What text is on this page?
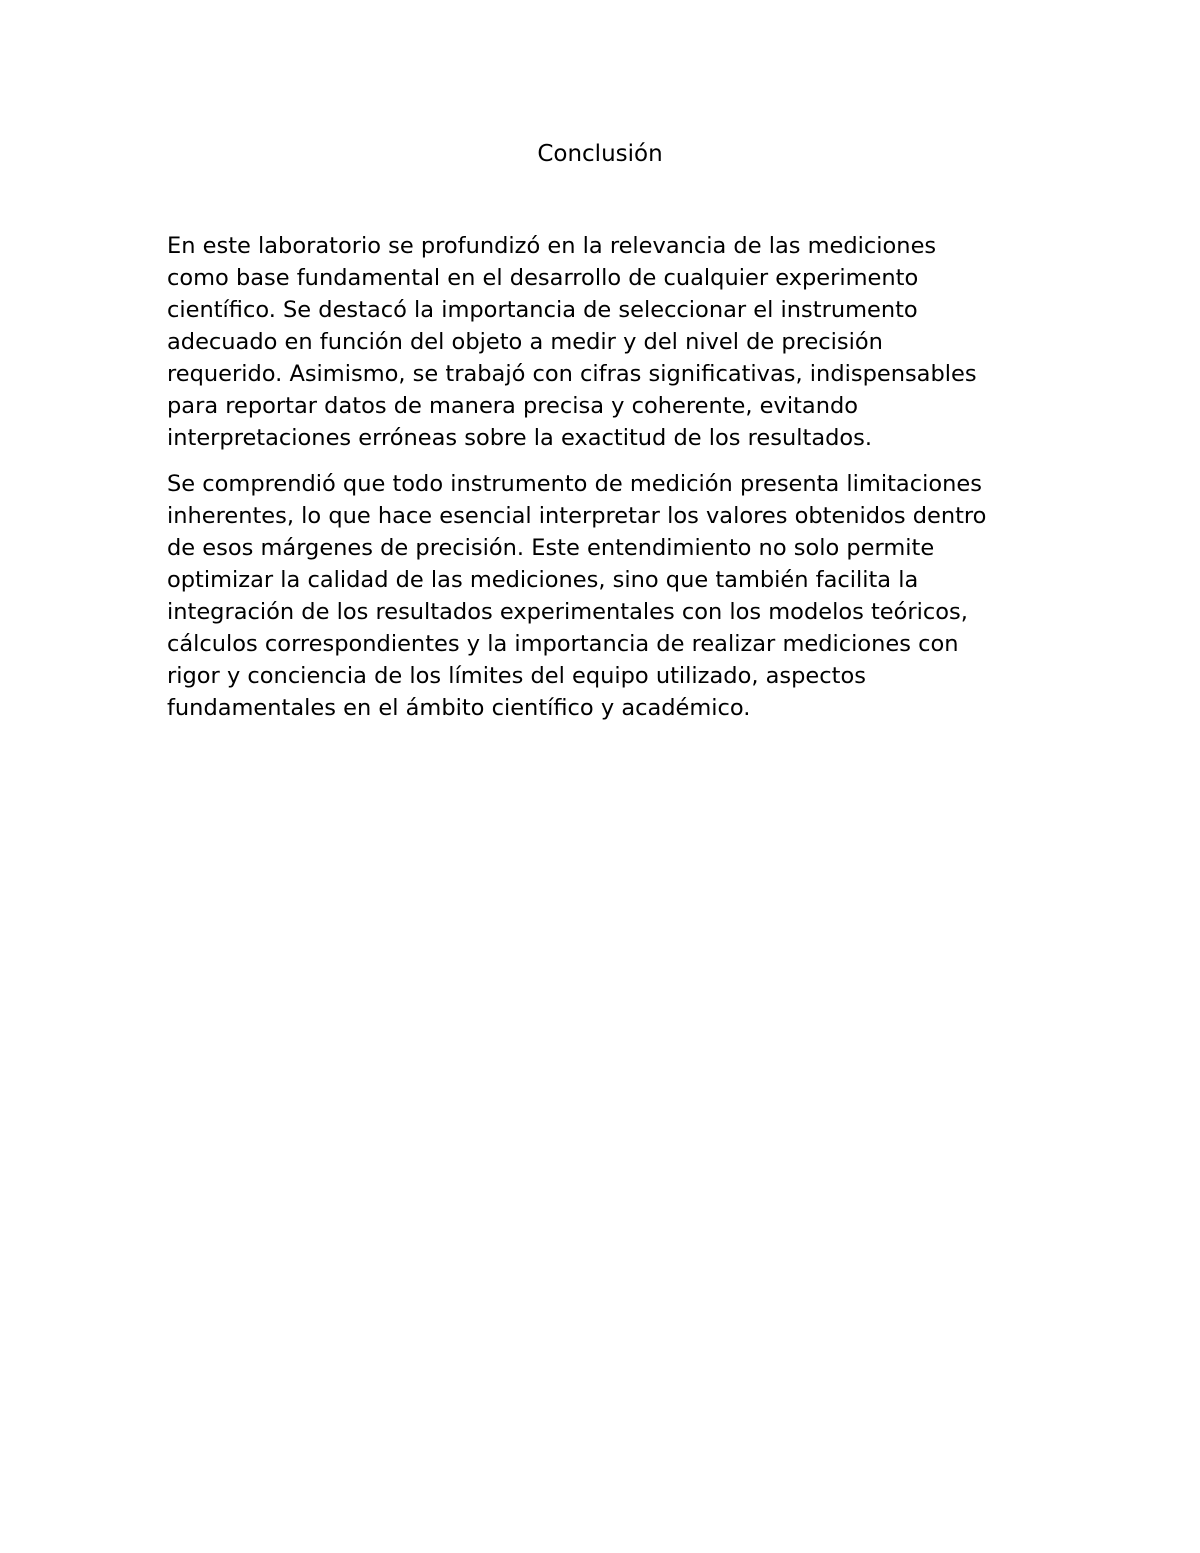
Conclusión

En este laboratorio se profundizó en la relevancia de las mediciones
como base fundamental en el desarrollo de cualquier experimento
científico. Se destacó la importancia de seleccionar el instrumento
adecuado en función del objeto a medir y del nivel de precisión
requerido. Asimismo, se trabajó con cifras significativas, indispensables
para reportar datos de manera precisa y coherente, evitando
interpretaciones erróneas sobre la exactitud de los resultados.

Se comprendió que todo instrumento de medición presenta limitaciones
inherentes, lo que hace esencial interpretar los valores obtenidos dentro
de esos márgenes de precisión. Este entendimiento no solo permite
optimizar la calidad de las mediciones, sino que también facilita la
integración de los resultados experimentales con los modelos teóricos,
cálculos correspondientes y la importancia de realizar mediciones con
rigor y conciencia de los límites del equipo utilizado, aspectos
fundamentales en el ámbito científico y académico.
